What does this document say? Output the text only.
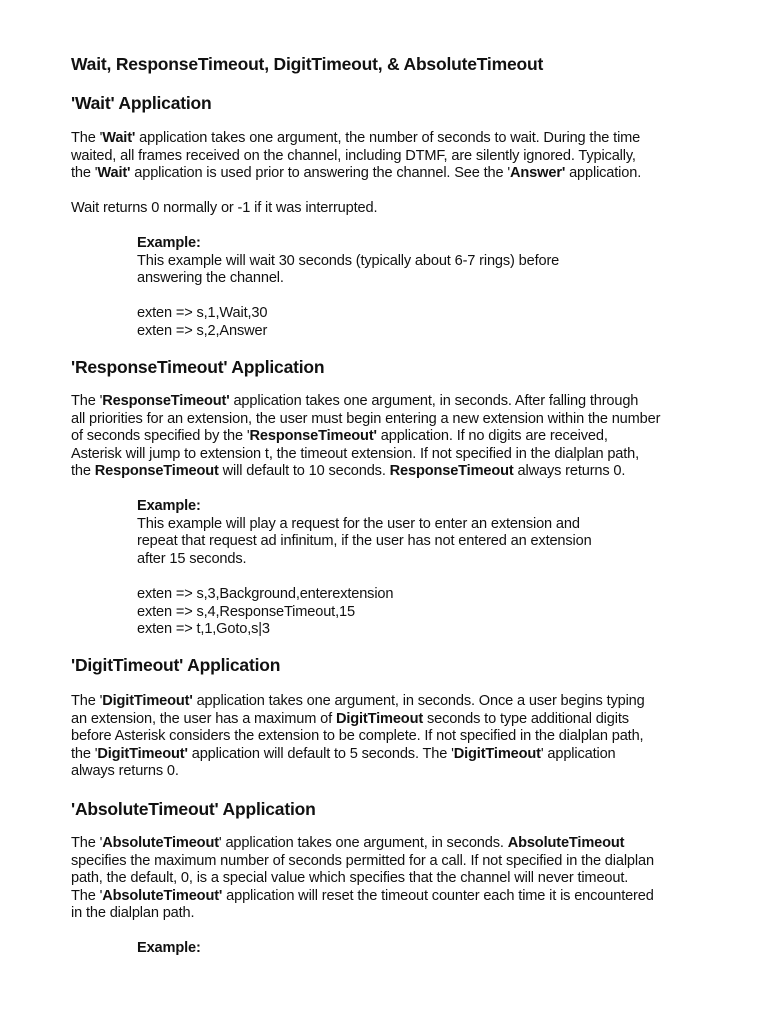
Wait, ResponseTimeout, DigitTimeout, & AbsoluteTimeout
'Wait' Application
The 'Wait' application takes one argument, the number of seconds to wait. During the time
waited, all frames received on the channel, including DTMF, are silently ignored. Typically,
the 'Wait' application is used prior to answering the channel. See the 'Answer' application.
Wait returns 0 normally or -1 if it was interrupted.
Example:
This example will wait 30 seconds (typically about 6-7 rings) before
answering the channel.
exten => s,1,Wait,30
exten => s,2,Answer
'ResponseTimeout' Application
The 'ResponseTimeout' application takes one argument, in seconds. After falling through
all priorities for an extension, the user must begin entering a new extension within the number
of seconds specified by the 'ResponseTimeout' application. If no digits are received,
Asterisk will jump to extension t, the timeout extension. If not specified in the dialplan path,
the ResponseTimeout will default to 10 seconds. ResponseTimeout always returns 0.
Example:
This example will play a request for the user to enter an extension and
repeat that request ad infinitum, if the user has not entered an extension
after 15 seconds.
exten => s,3,Background,enterextension
exten => s,4,ResponseTimeout,15
exten => t,1,Goto,s|3
'DigitTimeout' Application
The 'DigitTimeout' application takes one argument, in seconds. Once a user begins typing
an extension, the user has a maximum of DigitTimeout seconds to type additional digits
before Asterisk considers the extension to be complete. If not specified in the dialplan path,
the 'DigitTimeout' application will default to 5 seconds. The 'DigitTimeout' application
always returns 0.
'AbsoluteTimeout' Application
The 'AbsoluteTimeout' application takes one argument, in seconds. AbsoluteTimeout
specifies the maximum number of seconds permitted for a call. If not specified in the dialplan
path, the default, 0, is a special value which specifies that the channel will never timeout.
The 'AbsoluteTimeout' application will reset the timeout counter each time it is encountered
in the dialplan path.
Example:
